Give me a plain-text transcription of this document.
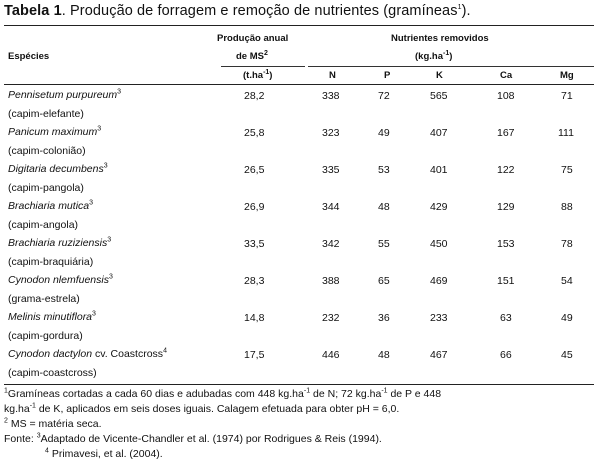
Tabela 1. Produção de forragem e remoção de nutrientes (gramíneas$^1$).
Espécies
Produção anual
de $MS^2$
Nutrientes removidos
$(kg.ha^{-1})$
$(t.ha^{-1})$	N	P	K	Ca	Mg
Pennisetum purpureum$^3$
(capim-elefante)
28,2	338	72	565	108	71
Panicum maximum$^3$
(capim-colonião)
25,8	323	49	407	167	111
Digitaria decumbens$^3$
(capim-pangola)
26,5	335	53	401	122	75
Brachiaria mutica$^3$
(capim-angola)
26,9	344	48	429	129	88
Brachiaria ruziziensis$^3$
(capim-braquiária)
33,5	342	55	450	153	78
Cynodon nlemfuensis$^3$
(grama-estrela)
28,3	388	65	469	151	54
Melinis minutiflora$^3$
(capim-gordura)
14,8	232	36	233	63	49
Cynodon dactylon cv. Coastcross$^4$
(capim-coastcross)
17,5	446	48	467	66	45
$^1$Gramíneas cortadas a cada 60 dias e adubadas com 448 $kg.ha^{-1}$ de N; 72 $kg.ha^{-1}$ de P e 448
$kg.ha^{-1}$ de K, aplicados em seis doses iguais. Calagem efetuada para obter pH = 6,0.
$^2$ MS = matéria seca.
Fonte: $^3$Adaptado de Vicente-Chandler et al. (1974) por Rodrigues & Reis (1994).
$^4$ Primavesi, et al. (2004).
